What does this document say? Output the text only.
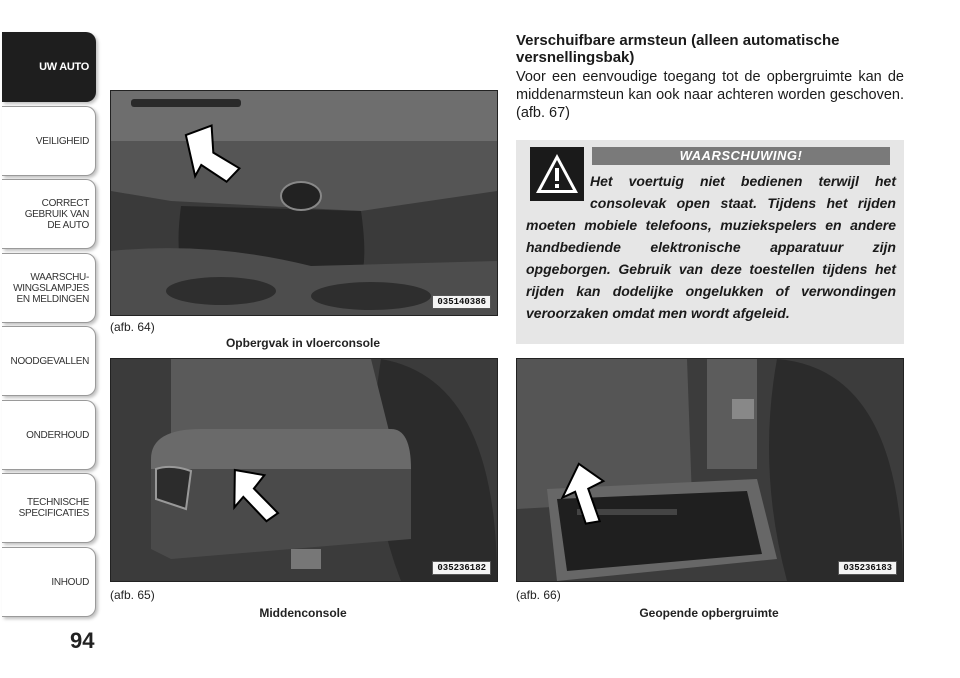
UW AUTO
VEILIGHEID
CORRECT
GEBRUIK VAN
DE AUTO
WAARSCHU-
WINGSLAMPJES
EN MELDINGEN
NOODGEVALLEN
ONDERHOUD
TECHNISCHE
SPECIFICATIES
INHOUD
94
035140386
(afb. 64)
Opbergvak in vloerconsole
035236182
(afb. 65)
Middenconsole
Verschuifbare armsteun (alleen automatische versnellingsbak)
Voor een eenvoudige toegang tot de opbergruimte kan de middenarmsteun kan ook naar achteren worden geschoven. (afb. 67)
WAARSCHUWING!
Het voertuig niet bedienen terwijl het consolevak open staat. Tijdens het rijden moeten mobiele telefoons, muziekspelers en andere handbediende elektronische apparatuur zijn opgeborgen. Gebruik van deze toestellen tijdens het rijden kan dodelijke ongelukken of verwondingen veroorzaken omdat men wordt afgeleid.
035236183
(afb. 66)
Geopende opbergruimte
